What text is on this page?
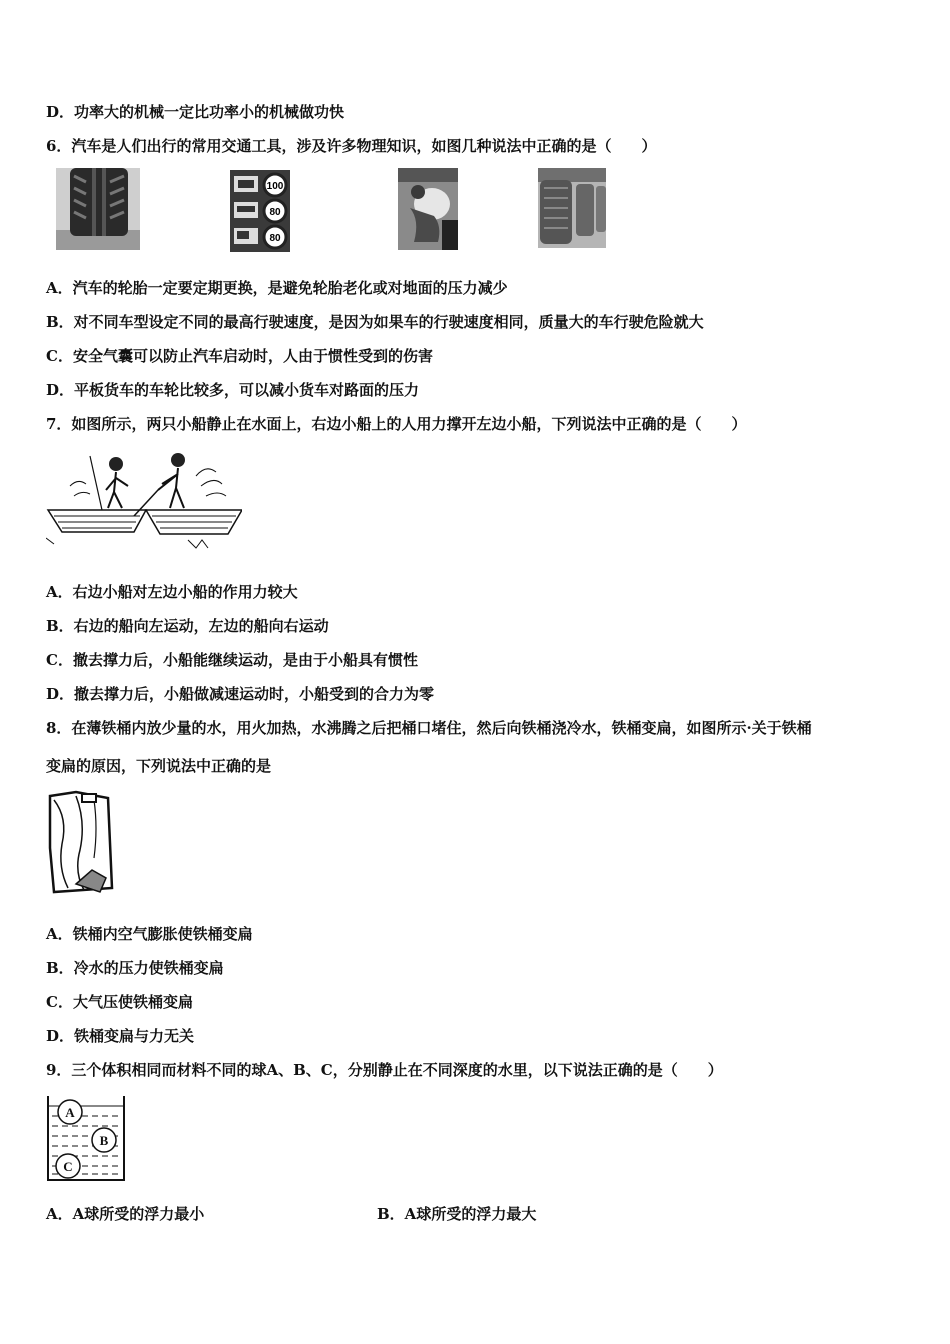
D．功率大的机械一定比功率小的机械做功快
6．汽车是人们出行的常用交通工具，涉及许多物理知识，如图几种说法中正确的是（　　）
100
80
80
A．汽车的轮胎一定要定期更换，是避免轮胎老化或对地面的压力减少
B．对不同车型设定不同的最高行驶速度，是因为如果车的行驶速度相同，质量大的车行驶危险就大
C．安全气囊可以防止汽车启动时，人由于惯性受到的伤害
D．平板货车的车轮比较多，可以减小货车对路面的压力
7．如图所示，两只小船静止在水面上，右边小船上的人用力撑开左边小船，下列说法中正确的是（　　）
A．右边小船对左边小船的作用力较大
B．右边的船向左运动，左边的船向右运动
C．撤去撑力后，小船能继续运动，是由于小船具有惯性
D．撤去撑力后，小船做减速运动时，小船受到的合力为零
8．在薄铁桶内放少量的水，用火加热，水沸腾之后把桶口堵住，然后向铁桶浇冷水，铁桶变扁，如图所示·关于铁桶
变扁的原因，下列说法中正确的是
A．铁桶内空气膨胀使铁桶变扁
B．冷水的压力使铁桶变扁
C．大气压使铁桶变扁
D．铁桶变扁与力无关
9．三个体积相同而材料不同的球A、B、C，分别静止在不同深度的水里，以下说法正确的是（　　）
A
B
C
A．A球所受的浮力最小	B．A球所受的浮力最大
